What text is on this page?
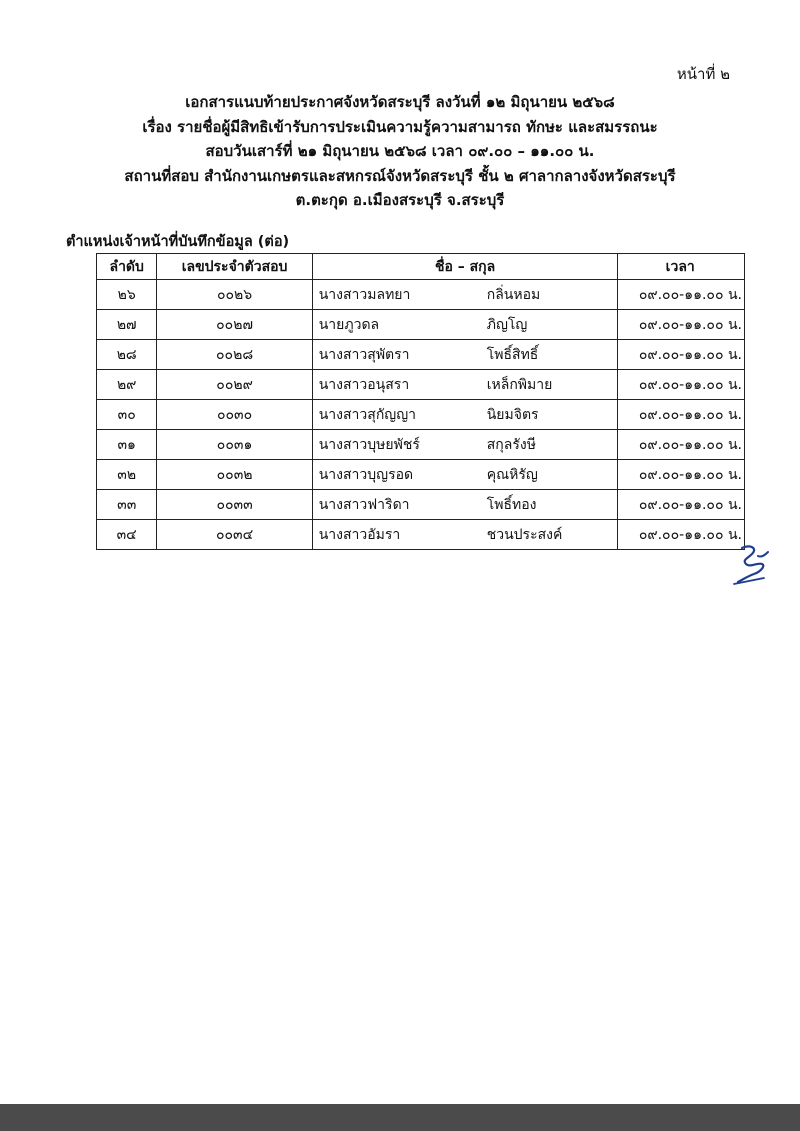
หน้าที่ ๒
เอกสารแนบท้ายประกาศจังหวัดสระบุรี ลงวันที่ ๑๒ มิถุนายน ๒๕๖๘
เรื่อง รายชื่อผู้มีสิทธิเข้ารับการประเมินความรู้ความสามารถ ทักษะ และสมรรถนะ
สอบวันเสาร์ที่ ๒๑ มิถุนายน ๒๕๖๘ เวลา ๐๙.๐๐ – ๑๑.๐๐ น.
สถานที่สอบ สำนักงานเกษตรและสหกรณ์จังหวัดสระบุรี ชั้น ๒ ศาลากลางจังหวัดสระบุรี
ต.ตะกุด อ.เมืองสระบุรี จ.สระบุรี
ตำแหน่งเจ้าหน้าที่บันทึกข้อมูล (ต่อ)
ลำดับ	เลขประจำตัวสอบ	ชื่อ – สกุล	เวลา
๒๖	๐๐๒๖	นางสาวมลทยา กลิ่นหอม	๐๙.๐๐-๑๑.๐๐ น.
๒๗	๐๐๒๗	นายภูวดล ภิญโญ	๐๙.๐๐-๑๑.๐๐ น.
๒๘	๐๐๒๘	นางสาวสุพัตรา โพธิ์สิทธิ์	๐๙.๐๐-๑๑.๐๐ น.
๒๙	๐๐๒๙	นางสาวอนุสรา เหล็กพิมาย	๐๙.๐๐-๑๑.๐๐ น.
๓๐	๐๐๓๐	นางสาวสุกัญญา นิยมจิตร	๐๙.๐๐-๑๑.๐๐ น.
๓๑	๐๐๓๑	นางสาวบุษยพัชร์ สกุลรังษี	๐๙.๐๐-๑๑.๐๐ น.
๓๒	๐๐๓๒	นางสาวบุญรอด คุณหิรัญ	๐๙.๐๐-๑๑.๐๐ น.
๓๓	๐๐๓๓	นางสาวฟาริดา โพธิ์ทอง	๐๙.๐๐-๑๑.๐๐ น.
๓๔	๐๐๓๔	นางสาวอัมรา ชวนประสงค์	๐๙.๐๐-๑๑.๐๐ น.
